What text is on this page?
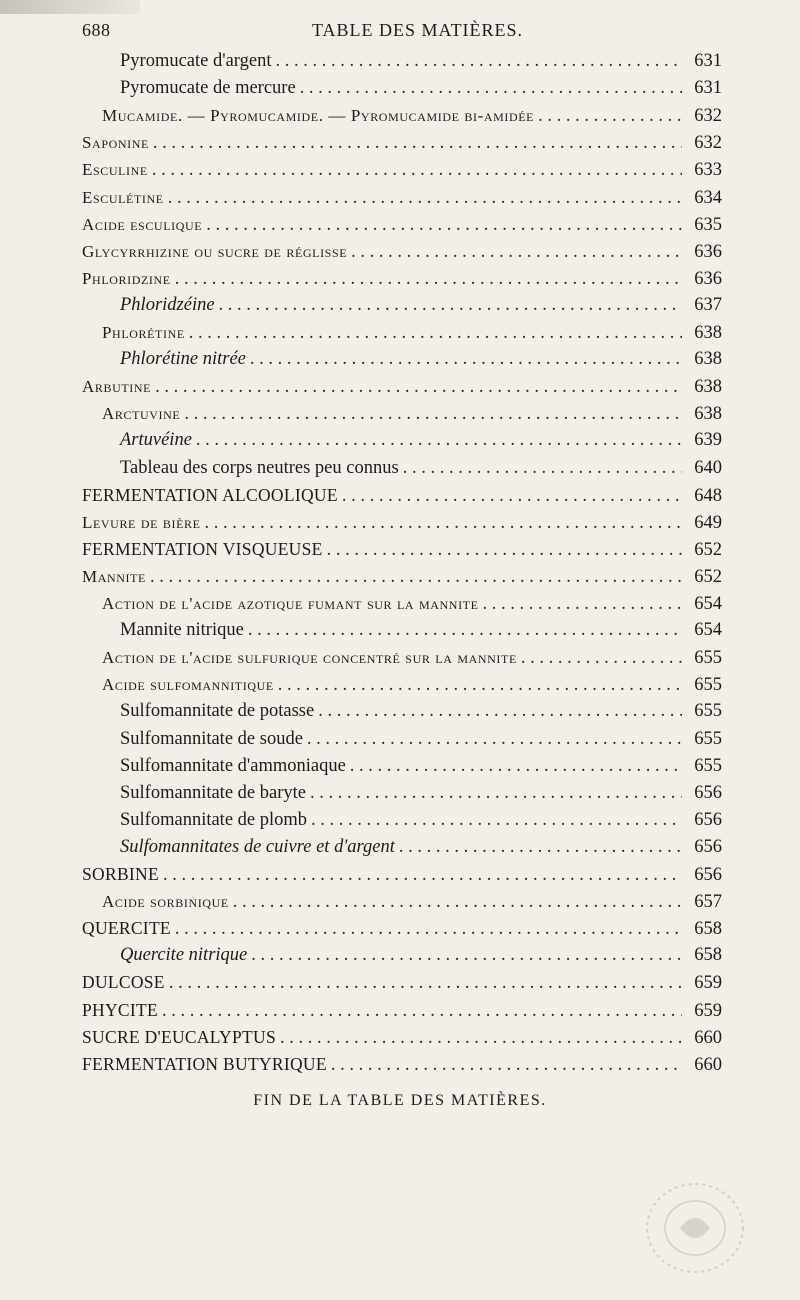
688	TABLE DES MATIÈRES.
Pyromucate d'argent . . .	631
Pyromucate de mercure . . .	631
Mucamide. — Pyromucamide. — Pyromucamide bi-amidée . . .	632
Saponine . . .	632
Esculine . . .	633
Esculétine . . .	634
Acide esculique . . .	635
Glycyrrhizine ou sucre de réglisse . . .	636
Phloridzine . . .	636
Phloridzéine . . .	637
Phlorétine . . .	638
Phlorétine nitrée . . .	638
Arbutine . . .	638
Arctuvine . . .	638
Artuvéine . . .	639
Tableau des corps neutres peu connus . . .	640
FERMENTATION ALCOOLIQUE . . .	648
Levure de bière . . .	649
FERMENTATION VISQUEUSE . . .	652
Mannite . . .	652
Action de l'acide azotique fumant sur la mannite . . .	654
Mannite nitrique . . .	654
Action de l'acide sulfurique concentré sur la mannite . . .	655
Acide sulfomannitique . . .	655
Sulfomannitate de potasse . . .	655
Sulfomannitate de soude . . .	655
Sulfomannitate d'ammoniaque . . .	655
Sulfomannitate de baryte . . .	656
Sulfomannitate de plomb . . .	656
Sulfomannitates de cuivre et d'argent . . .	656
SORBINE . . .	656
Acide sorbinique . . .	657
QUERCITE . . .	658
Quercite nitrique . . .	658
DULCOSE . . .	659
PHYCITE . . .	659
SUCRE D'EUCALYPTUS . . .	660
FERMENTATION BUTYRIQUE . . .	660
FIN DE LA TABLE DES MATIÈRES.
